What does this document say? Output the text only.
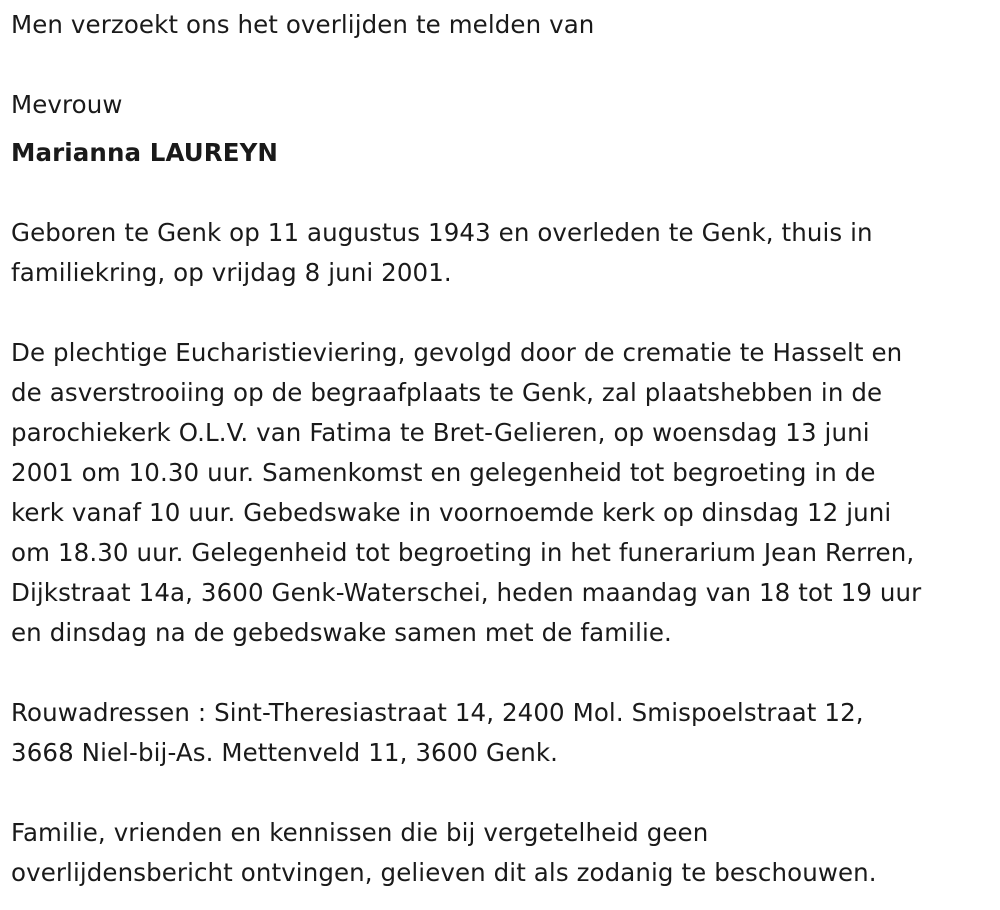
Men verzoekt ons het overlijden te melden van
Mevrouw
Marianna LAUREYN
Geboren te Genk op 11 augustus 1943 en overleden te Genk, thuis in
familiekring, op vrijdag 8 juni 2001.
De plechtige Eucharistieviering, gevolgd door de crematie te Hasselt en
de asverstrooiing op de begraafplaats te Genk, zal plaatshebben in de
parochiekerk O.L.V. van Fatima te Bret-Gelieren, op woensdag 13 juni
2001 om 10.30 uur. Samenkomst en gelegenheid tot begroeting in de
kerk vanaf 10 uur. Gebedswake in voornoemde kerk op dinsdag 12 juni
om 18.30 uur. Gelegenheid tot begroeting in het funerarium Jean Rerren,
Dijkstraat 14a, 3600 Genk-Waterschei, heden maandag van 18 tot 19 uur
en dinsdag na de gebedswake samen met de familie.
Rouwadressen : Sint-Theresiastraat 14, 2400 Mol. Smispoelstraat 12,
3668 Niel-bij-As. Mettenveld 11, 3600 Genk.
Familie, vrienden en kennissen die bij vergetelheid geen
overlijdensbericht ontvingen, gelieven dit als zodanig te beschouwen.
